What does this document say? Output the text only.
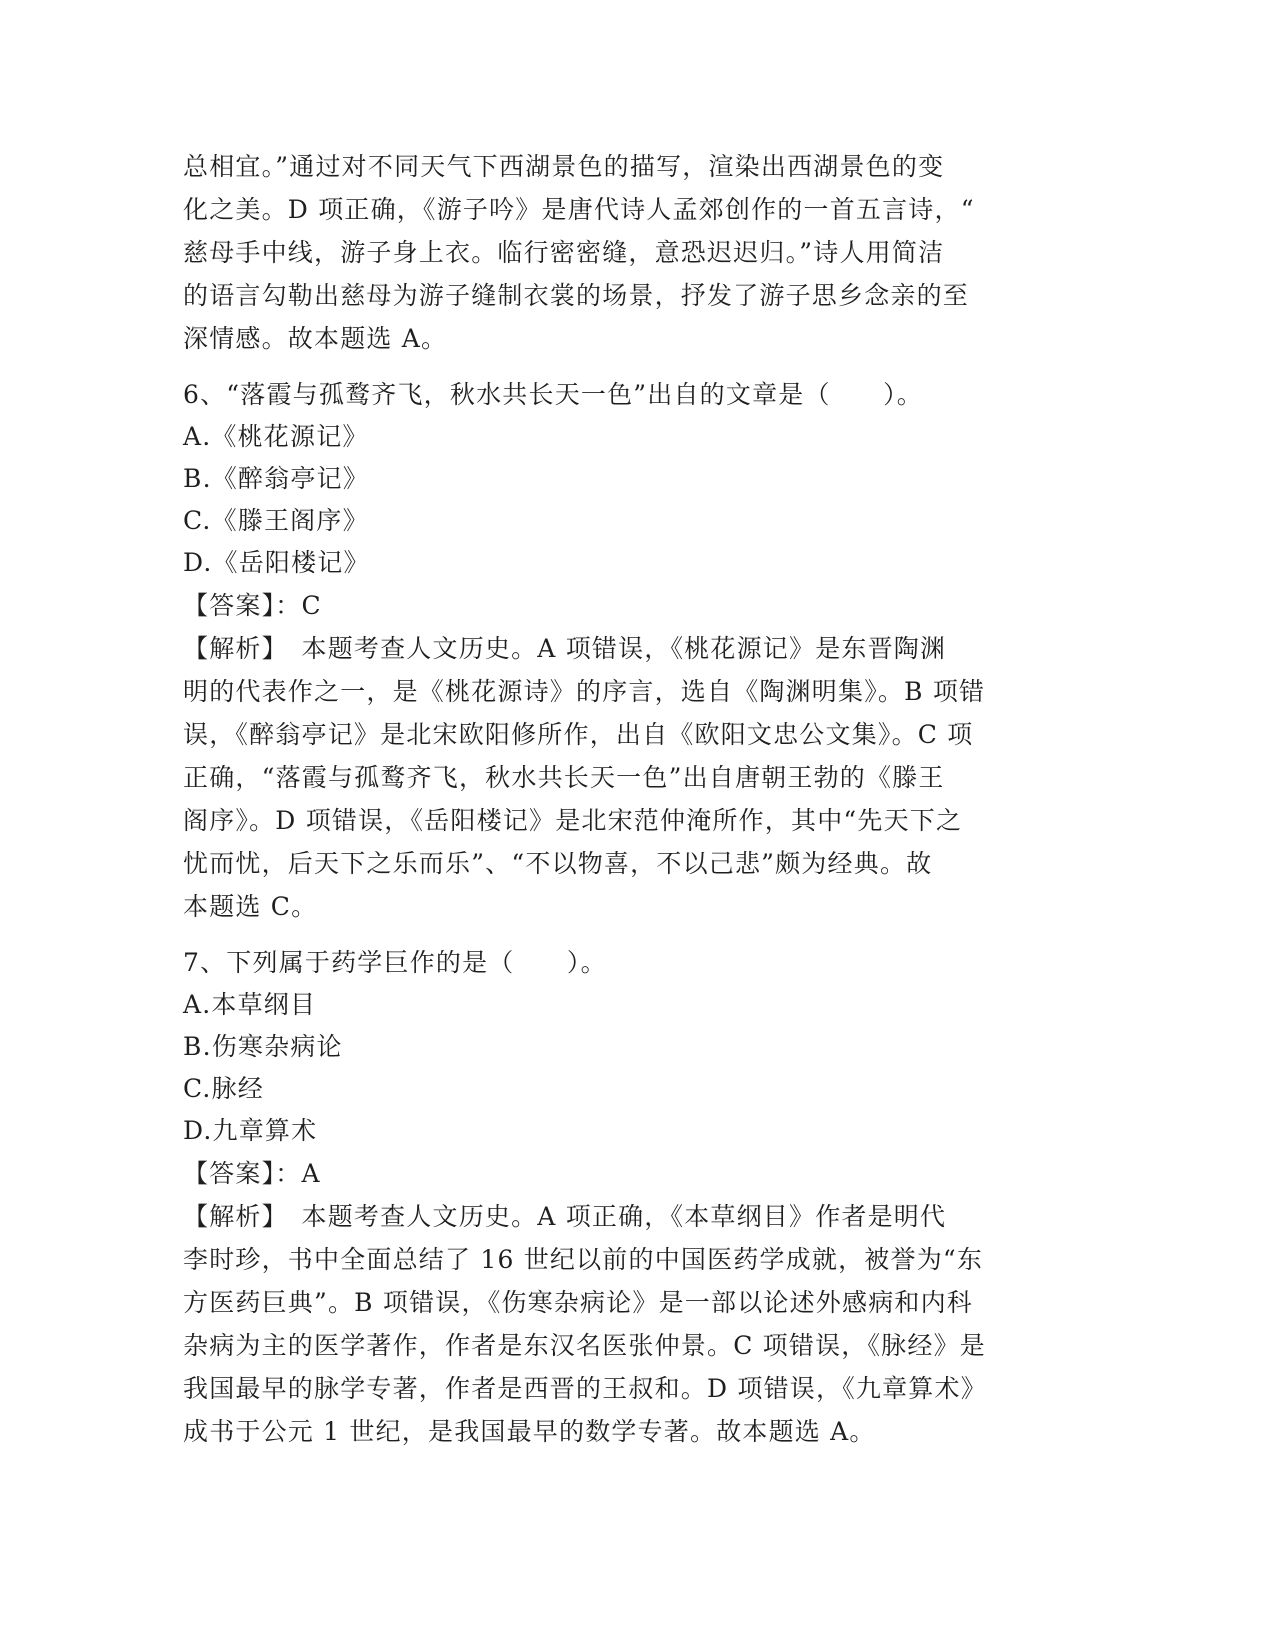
总相宜。”通过对不同天气下西湖景色的描写，渲染出西湖景色的变
化之美。D 项正确，《游子吟》是唐代诗人孟郊创作的一首五言诗，“
慈母手中线，游子身上衣。临行密密缝，意恐迟迟归。”诗人用简洁
的语言勾勒出慈母为游子缝制衣裳的场景，抒发了游子思乡念亲的至
深情感。故本题选 A。
6、“落霞与孤鹜齐飞，秋水共长天一色”出自的文章是（　　）。
A.《桃花源记》
B.《醉翁亭记》
C.《滕王阁序》
D.《岳阳楼记》
【答案】：C
【解析】　本题考查人文历史。A 项错误，《桃花源记》是东晋陶渊
明的代表作之一，是《桃花源诗》的序言，选自《陶渊明集》。B 项错
误，《醉翁亭记》是北宋欧阳修所作，出自《欧阳文忠公文集》。C 项
正确，“落霞与孤鹜齐飞，秋水共长天一色”出自唐朝王勃的《滕王
阁序》。D 项错误，《岳阳楼记》是北宋范仲淹所作，其中“先天下之
忧而忧，后天下之乐而乐”、“不以物喜，不以己悲”颇为经典。故
本题选 C。
7、下列属于药学巨作的是（　　）。
A.本草纲目
B.伤寒杂病论
C.脉经
D.九章算术
【答案】：A
【解析】　本题考查人文历史。A 项正确，《本草纲目》作者是明代
李时珍，书中全面总结了 16 世纪以前的中国医药学成就，被誉为“东
方医药巨典”。B 项错误，《伤寒杂病论》是一部以论述外感病和内科
杂病为主的医学著作，作者是东汉名医张仲景。C 项错误，《脉经》是
我国最早的脉学专著，作者是西晋的王叔和。D 项错误，《九章算术》
成书于公元 1 世纪，是我国最早的数学专著。故本题选 A。
